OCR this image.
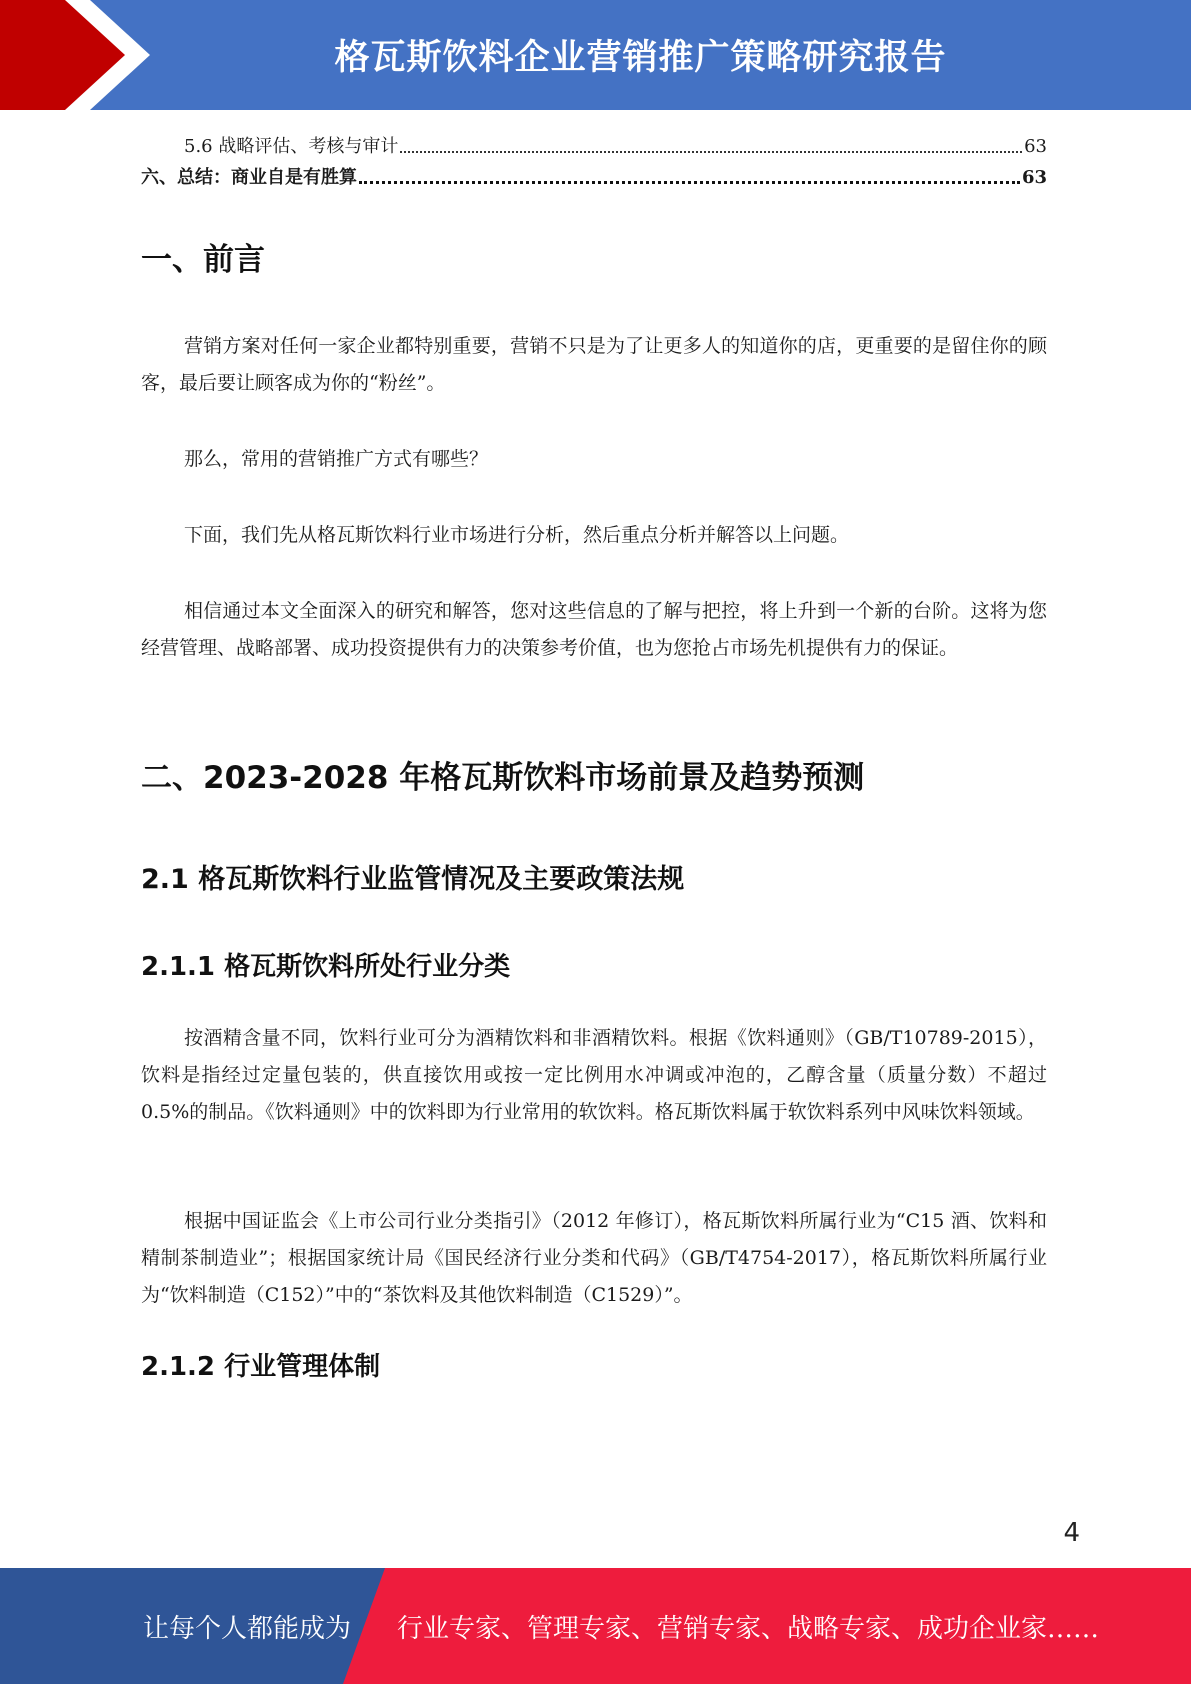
格瓦斯饮料企业营销推广策略研究报告
5.6 战略评估、考核与审计	63
六、总结：商业自是有胜算	63
一、前言

营销方案对任何一家企业都特别重要，营销不只是为了让更多人的知道你的店，更重要的是留住你的顾客，最后要让顾客成为你的“粉丝”。

那么，常用的营销推广方式有哪些？

下面，我们先从格瓦斯饮料行业市场进行分析，然后重点分析并解答以上问题。

相信通过本文全面深入的研究和解答，您对这些信息的了解与把控，将上升到一个新的台阶。这将为您经营管理、战略部署、成功投资提供有力的决策参考价值，也为您抢占市场先机提供有力的保证。

二、2023-2028 年格瓦斯饮料市场前景及趋势预测
2.1 格瓦斯饮料行业监管情况及主要政策法规
2.1.1 格瓦斯饮料所处行业分类

按酒精含量不同，饮料行业可分为酒精饮料和非酒精饮料。根据《饮料通则》（GB/T10789-2015），饮料是指经过定量包装的，供直接饮用或按一定比例用水冲调或冲泡的，乙醇含量（质量分数）不超过 0.5%的制品。《饮料通则》中的饮料即为行业常用的软饮料。格瓦斯饮料属于软饮料系列中风味饮料领域。

根据中国证监会《上市公司行业分类指引》（2012 年修订），格瓦斯饮料所属行业为“C15 酒、饮料和精制茶制造业”；根据国家统计局《国民经济行业分类和代码》（GB/T4754-2017），格瓦斯饮料所属行业为“饮料制造（C152）”中的“茶饮料及其他饮料制造（C1529）”。

2.1.2 行业管理体制
4
让每个人都能成为 行业专家、管理专家、营销专家、战略专家、成功企业家……
